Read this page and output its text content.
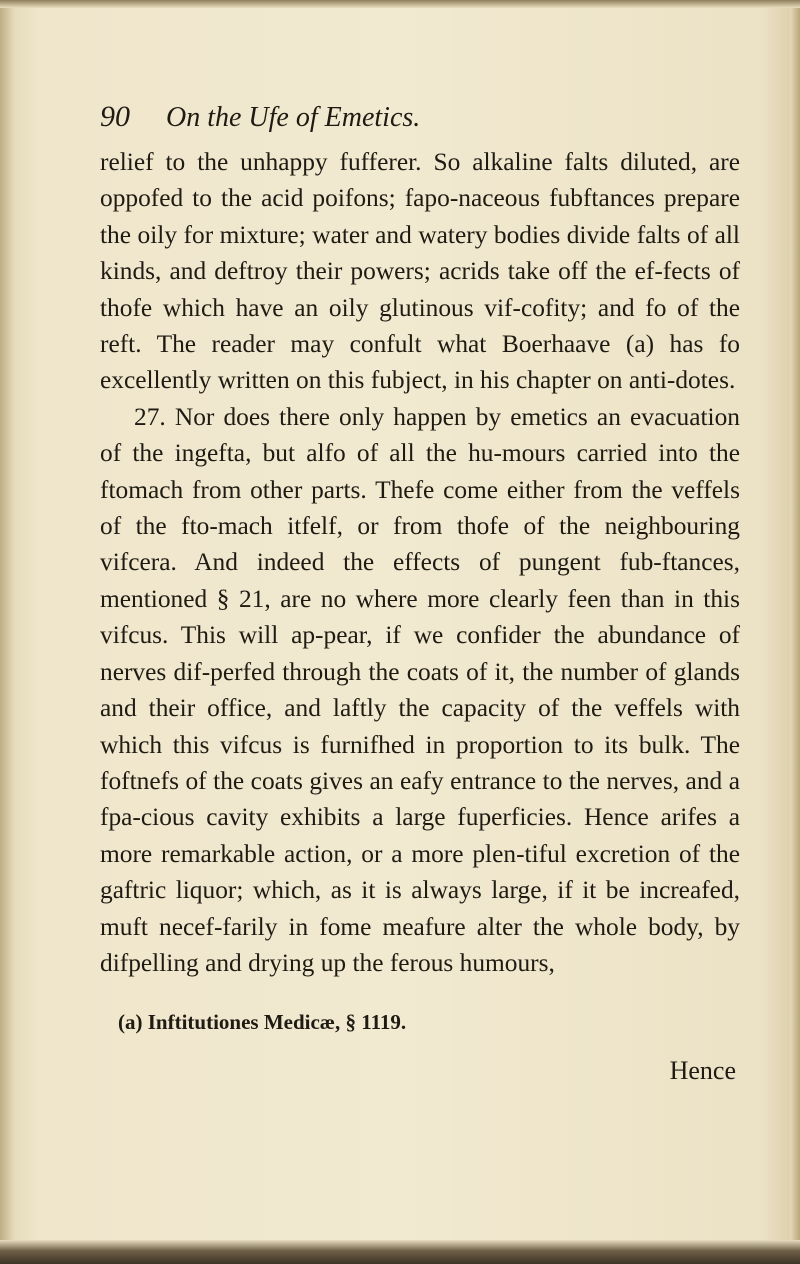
90 On the Ufe of Emetics.

relief to the unhappy fufferer. So alkaline falts diluted, are oppofed to the acid poifons; fapo-naceous fubftances prepare the oily for mixture; water and watery bodies divide falts of all kinds, and deftroy their powers; acrids take off the ef-fects of thofe which have an oily glutinous vif-cofity; and fo of the reft. The reader may confult what Boerhaave (a) has fo excellently written on this fubject, in his chapter on anti-dotes.

27. Nor does there only happen by emetics an evacuation of the ingefta, but alfo of all the hu-mours carried into the ftomach from other parts. Thefe come either from the veffels of the fto-mach itfelf, or from thofe of the neighbouring vifcera. And indeed the effects of pungent fub-ftances, mentioned § 21, are no where more clearly feen than in this vifcus. This will ap-pear, if we confider the abundance of nerves dif-perfed through the coats of it, the number of glands and their office, and laftly the capacity of the veffels with which this vifcus is furnifhed in proportion to its bulk. The foftnefs of the coats gives an eafy entrance to the nerves, and a fpa-cious cavity exhibits a large fuperficies. Hence arifes a more remarkable action, or a more plen-tiful excretion of the gaftric liquor; which, as it is always large, if it be increafed, muft necef-farily in fome meafure alter the whole body, by difpelling and drying up the ferous humours,

(a) Inftitutiones Medicæ, § 1119.
Hence
